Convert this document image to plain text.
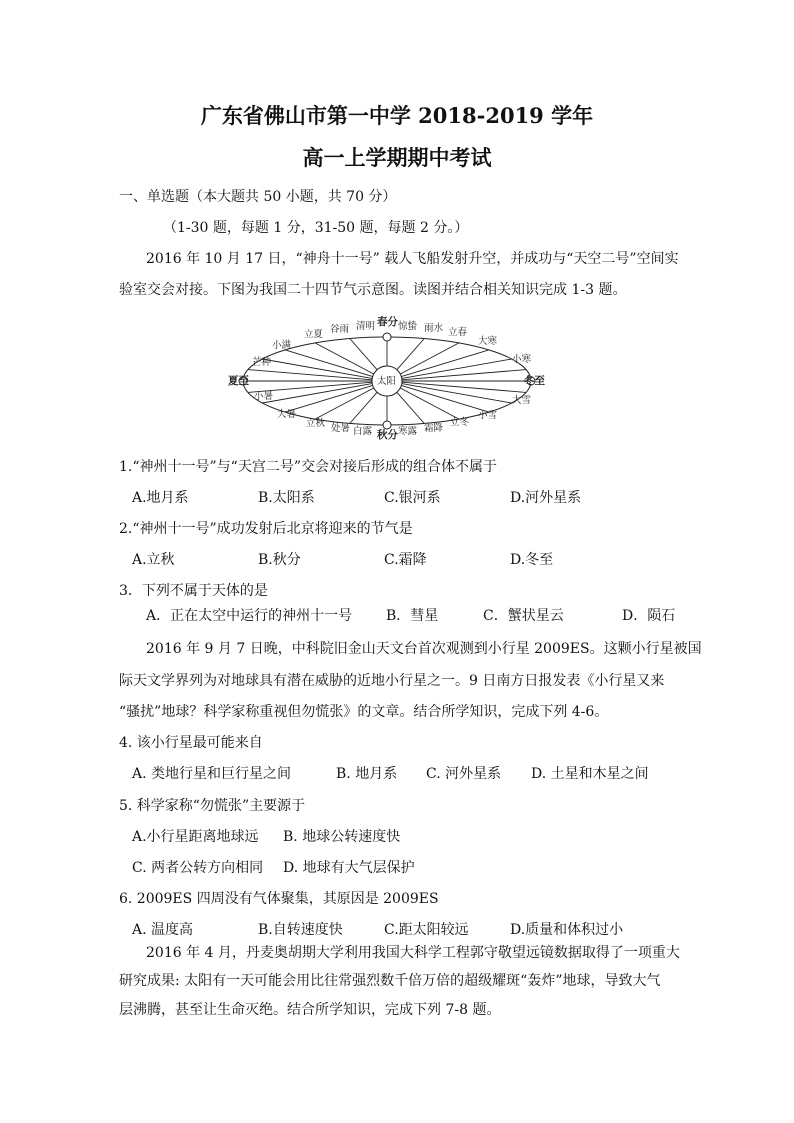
广东省佛山市第一中学 2018-2019 学年
高一上学期期中考试
一、单选题（本大题共 50 小题，共 70 分）
（1-30 题，每题 1 分，31-50 题，每题 2 分。）
2016 年 10 月 17 日，“神舟十一号” 载人飞船发射升空，并成功与“天空二号”空间实
验室交会对接。下图为我国二十四节气示意图。读图并结合相关知识完成 1-3 题。
太阳
春分
秋分
夏至	冬至
立夏 谷雨 清明 惊蛰 雨水 立春
小满
芒种
大寒
小寒
小暑
大暑
大雪
小雪
立秋 处暑 白露	寒露 霜降
立冬
1.“神州十一号”与“天宫二号”交会对接后形成的组合体不属于
A.地月系	B.太阳系	C.银河系	D.河外星系
2.“神州十一号”成功发射后北京将迎来的节气是
A.立秋	B.秋分	C.霜降	D.冬至
3．下列不属于天体的是
A．正在太空中运行的神州十一号 B．彗星	C．蟹状星云	D．陨石
2016 年 9 月 7 日晚，中科院旧金山天文台首次观测到小行星 2009ES。这颗小行星被国
际天文学界列为对地球具有潜在威胁的近地小行星之一。9 日南方日报发表《小行星又来
“骚扰”地球？科学家称重视但勿慌张》的文章。结合所学知识，完成下列 4-6。
4. 该小行星最可能来自
A. 类地行星和巨行星之间	B. 地月系 C. 河外星系 D. 土星和木星之间
5. 科学家称“勿慌张”主要源于
A.小行星距离地球远 B. 地球公转速度快
C. 两者公转方向相同 D. 地球有大气层保护
6. 2009ES 四周没有气体聚集，其原因是 2009ES
A. 温度高	B.自转速度快	C.距太阳较远	D.质量和体积过小
2016 年 4 月，丹麦奥胡期大学利用我国大科学工程郭守敬望远镜数据取得了一项重大
研究成果: 太阳有一天可能会用比往常强烈数千倍万倍的超级耀斑“轰炸”地球，导致大气
层沸腾，甚至让生命灭绝。结合所学知识，完成下列 7-8 题。
